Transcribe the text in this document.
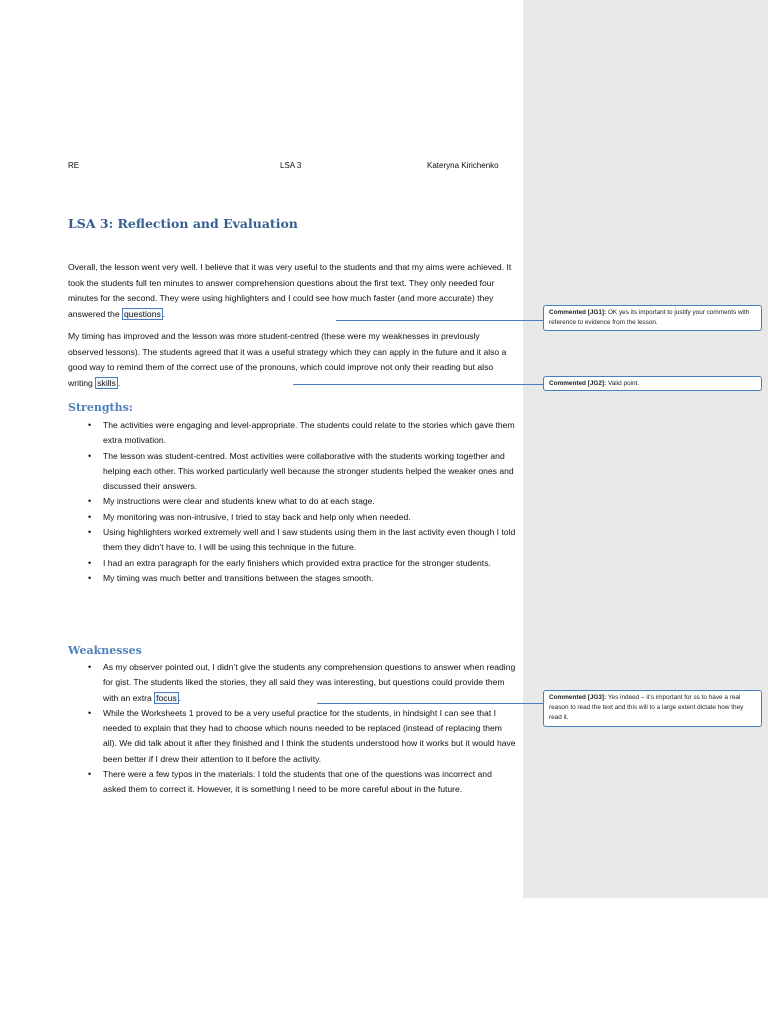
RE	LSA 3	Kateryna Kirichenko
LSA 3: Reflection and Evaluation

Overall, the lesson went very well. I believe that it was very useful to the students and that my aims were achieved. It took the students full ten minutes to answer comprehension questions about the first text. They only needed four minutes for the second. They were using highlighters and I could see how much faster (and more accurate) they answered the questions .

My timing has improved and the lesson was more student-centred (these were my weaknesses in previously observed lessons). The students agreed that it was a useful strategy which they can apply in the future and it also a good way to remind them of the correct use of the pronouns, which could improve not only their reading but also writing skills .

Strengths:
• The activities were engaging and level-appropriate. The students could relate to the stories which gave them extra motivation.
• The lesson was student-centred. Most activities were collaborative with the students working together and helping each other. This worked particularly well because the stronger students helped the weaker ones and discussed their answers.
• My instructions were clear and students knew what to do at each stage.
• My monitoring was non-intrusive, I tried to stay back and help only when needed.
• Using highlighters worked extremely well and I saw students using them in the last activity even though I told them they didn’t have to. I will be using this technique in the future.
• I had an extra paragraph for the early finishers which provided extra practice for the stronger students.
• My timing was much better and transitions between the stages smooth.
Weaknesses
• As my observer pointed out, I didn’t give the students any comprehension questions to answer when reading for gist. The students liked the stories, they all said they was interesting, but questions could provide them with an extra focus .
• While the Worksheets 1 proved to be a very useful practice for the students, in hindsight I can see that I needed to explain that they had to choose which nouns needed to be replaced (instead of replacing them all). We did talk about it after they finished and I think the students understood how it works but it would have been better if I drew their attention to it before the activity.
• There were a few typos in the materials. I told the students that one of the questions was incorrect and asked them to correct it. However, it is something I need to be more careful about in the future.
Commented [JG1]: OK yes its important to justify your comments with reference to evidence from the lesson.
Commented [JG2]: Valid point.
Commented [JG3]: Yes indeed – it’s important for ss to have a real reason to read the text and this will to a large extent dictate how they read it.
